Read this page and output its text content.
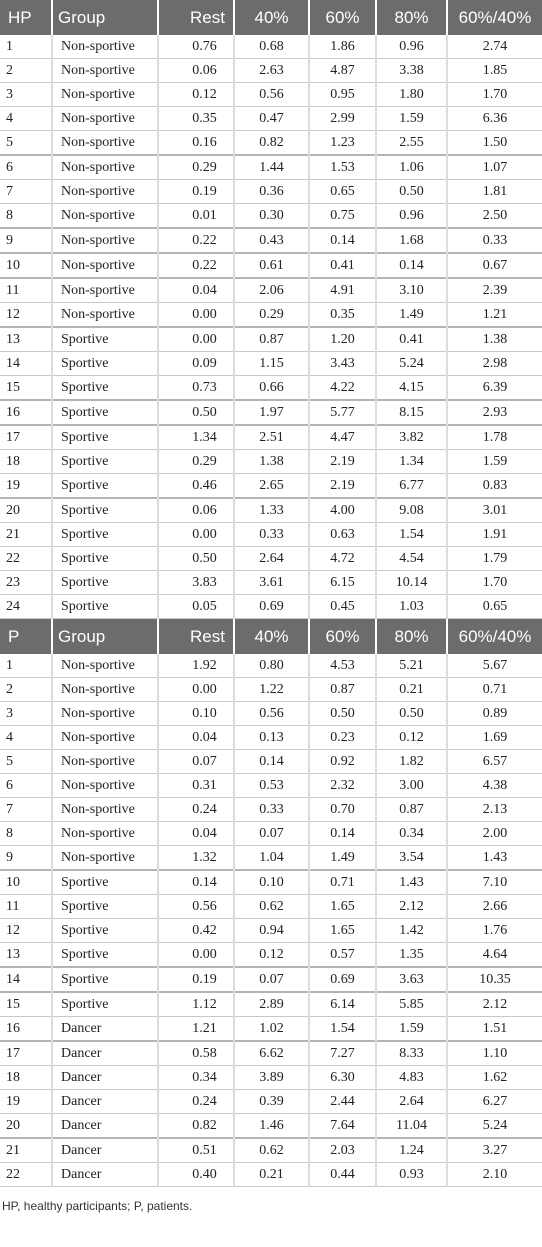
HP	Group	Rest	40%	60%	80%	60%/40%
1	Non-sportive	0.76	0.68	1.86	0.96	2.74
2	Non-sportive	0.06	2.63	4.87	3.38	1.85
3	Non-sportive	0.12	0.56	0.95	1.80	1.70
4	Non-sportive	0.35	0.47	2.99	1.59	6.36
5	Non-sportive	0.16	0.82	1.23	2.55	1.50
6	Non-sportive	0.29	1.44	1.53	1.06	1.07
7	Non-sportive	0.19	0.36	0.65	0.50	1.81
8	Non-sportive	0.01	0.30	0.75	0.96	2.50
9	Non-sportive	0.22	0.43	0.14	1.68	0.33
10	Non-sportive	0.22	0.61	0.41	0.14	0.67
11	Non-sportive	0.04	2.06	4.91	3.10	2.39
12	Non-sportive	0.00	0.29	0.35	1.49	1.21
13	Sportive	0.00	0.87	1.20	0.41	1.38
14	Sportive	0.09	1.15	3.43	5.24	2.98
15	Sportive	0.73	0.66	4.22	4.15	6.39
16	Sportive	0.50	1.97	5.77	8.15	2.93
17	Sportive	1.34	2.51	4.47	3.82	1.78
18	Sportive	0.29	1.38	2.19	1.34	1.59
19	Sportive	0.46	2.65	2.19	6.77	0.83
20	Sportive	0.06	1.33	4.00	9.08	3.01
21	Sportive	0.00	0.33	0.63	1.54	1.91
22	Sportive	0.50	2.64	4.72	4.54	1.79
23	Sportive	3.83	3.61	6.15	10.14	1.70
24	Sportive	0.05	0.69	0.45	1.03	0.65
P	Group	Rest	40%	60%	80%	60%/40%
1	Non-sportive	1.92	0.80	4.53	5.21	5.67
2	Non-sportive	0.00	1.22	0.87	0.21	0.71
3	Non-sportive	0.10	0.56	0.50	0.50	0.89
4	Non-sportive	0.04	0.13	0.23	0.12	1.69
5	Non-sportive	0.07	0.14	0.92	1.82	6.57
6	Non-sportive	0.31	0.53	2.32	3.00	4.38
7	Non-sportive	0.24	0.33	0.70	0.87	2.13
8	Non-sportive	0.04	0.07	0.14	0.34	2.00
9	Non-sportive	1.32	1.04	1.49	3.54	1.43
10	Sportive	0.14	0.10	0.71	1.43	7.10
11	Sportive	0.56	0.62	1.65	2.12	2.66
12	Sportive	0.42	0.94	1.65	1.42	1.76
13	Sportive	0.00	0.12	0.57	1.35	4.64
14	Sportive	0.19	0.07	0.69	3.63	10.35
15	Sportive	1.12	2.89	6.14	5.85	2.12
16	Dancer	1.21	1.02	1.54	1.59	1.51
17	Dancer	0.58	6.62	7.27	8.33	1.10
18	Dancer	0.34	3.89	6.30	4.83	1.62
19	Dancer	0.24	0.39	2.44	2.64	6.27
20	Dancer	0.82	1.46	7.64	11.04	5.24
21	Dancer	0.51	0.62	2.03	1.24	3.27
22	Dancer	0.40	0.21	0.44	0.93	2.10
HP, healthy participants; P, patients.
